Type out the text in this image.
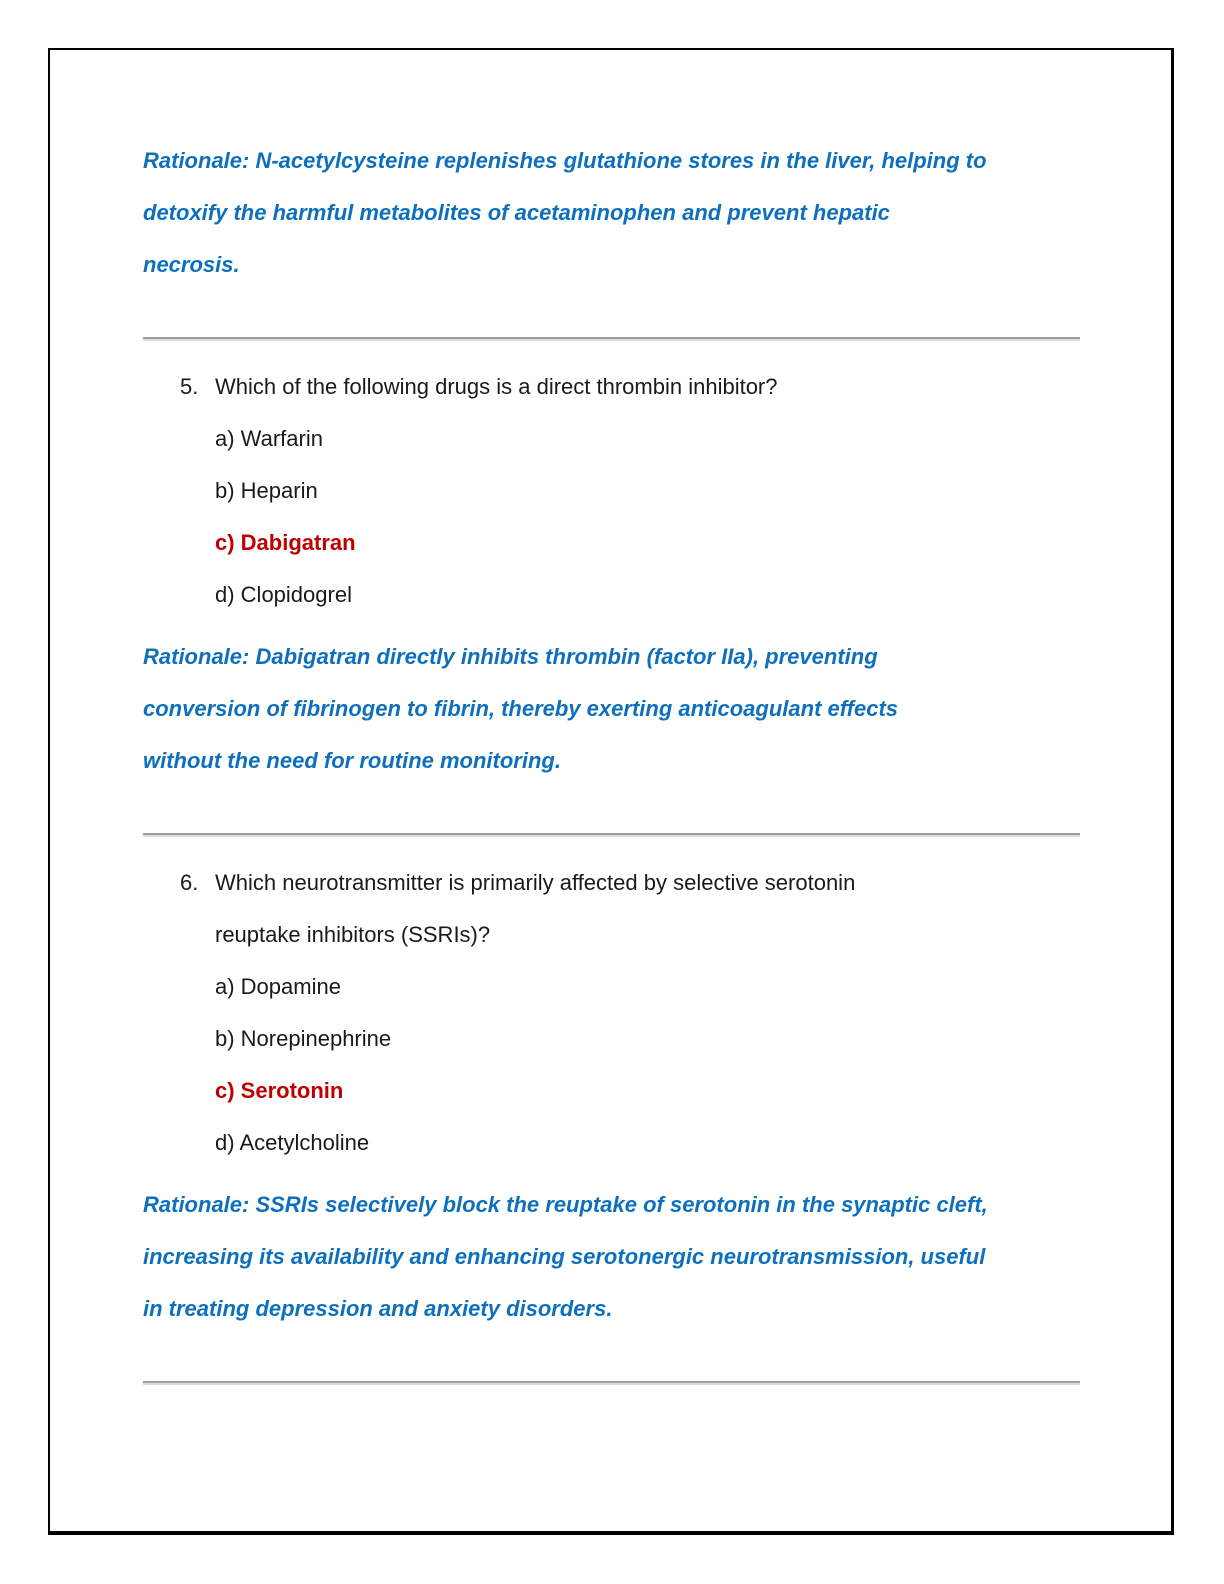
Rationale: N-acetylcysteine replenishes glutathione stores in the liver, helping to

detoxify the harmful metabolites of acetaminophen and prevent hepatic

necrosis.

5. Which of the following drugs is a direct thrombin inhibitor?

a) Warfarin

b) Heparin

c) Dabigatran

d) Clopidogrel

Rationale: Dabigatran directly inhibits thrombin (factor IIa), preventing

conversion of fibrinogen to fibrin, thereby exerting anticoagulant effects

without the need for routine monitoring.

6. Which neurotransmitter is primarily affected by selective serotonin

reuptake inhibitors (SSRIs)?

a) Dopamine

b) Norepinephrine

c) Serotonin

d) Acetylcholine

Rationale: SSRIs selectively block the reuptake of serotonin in the synaptic cleft,

increasing its availability and enhancing serotonergic neurotransmission, useful

in treating depression and anxiety disorders.
